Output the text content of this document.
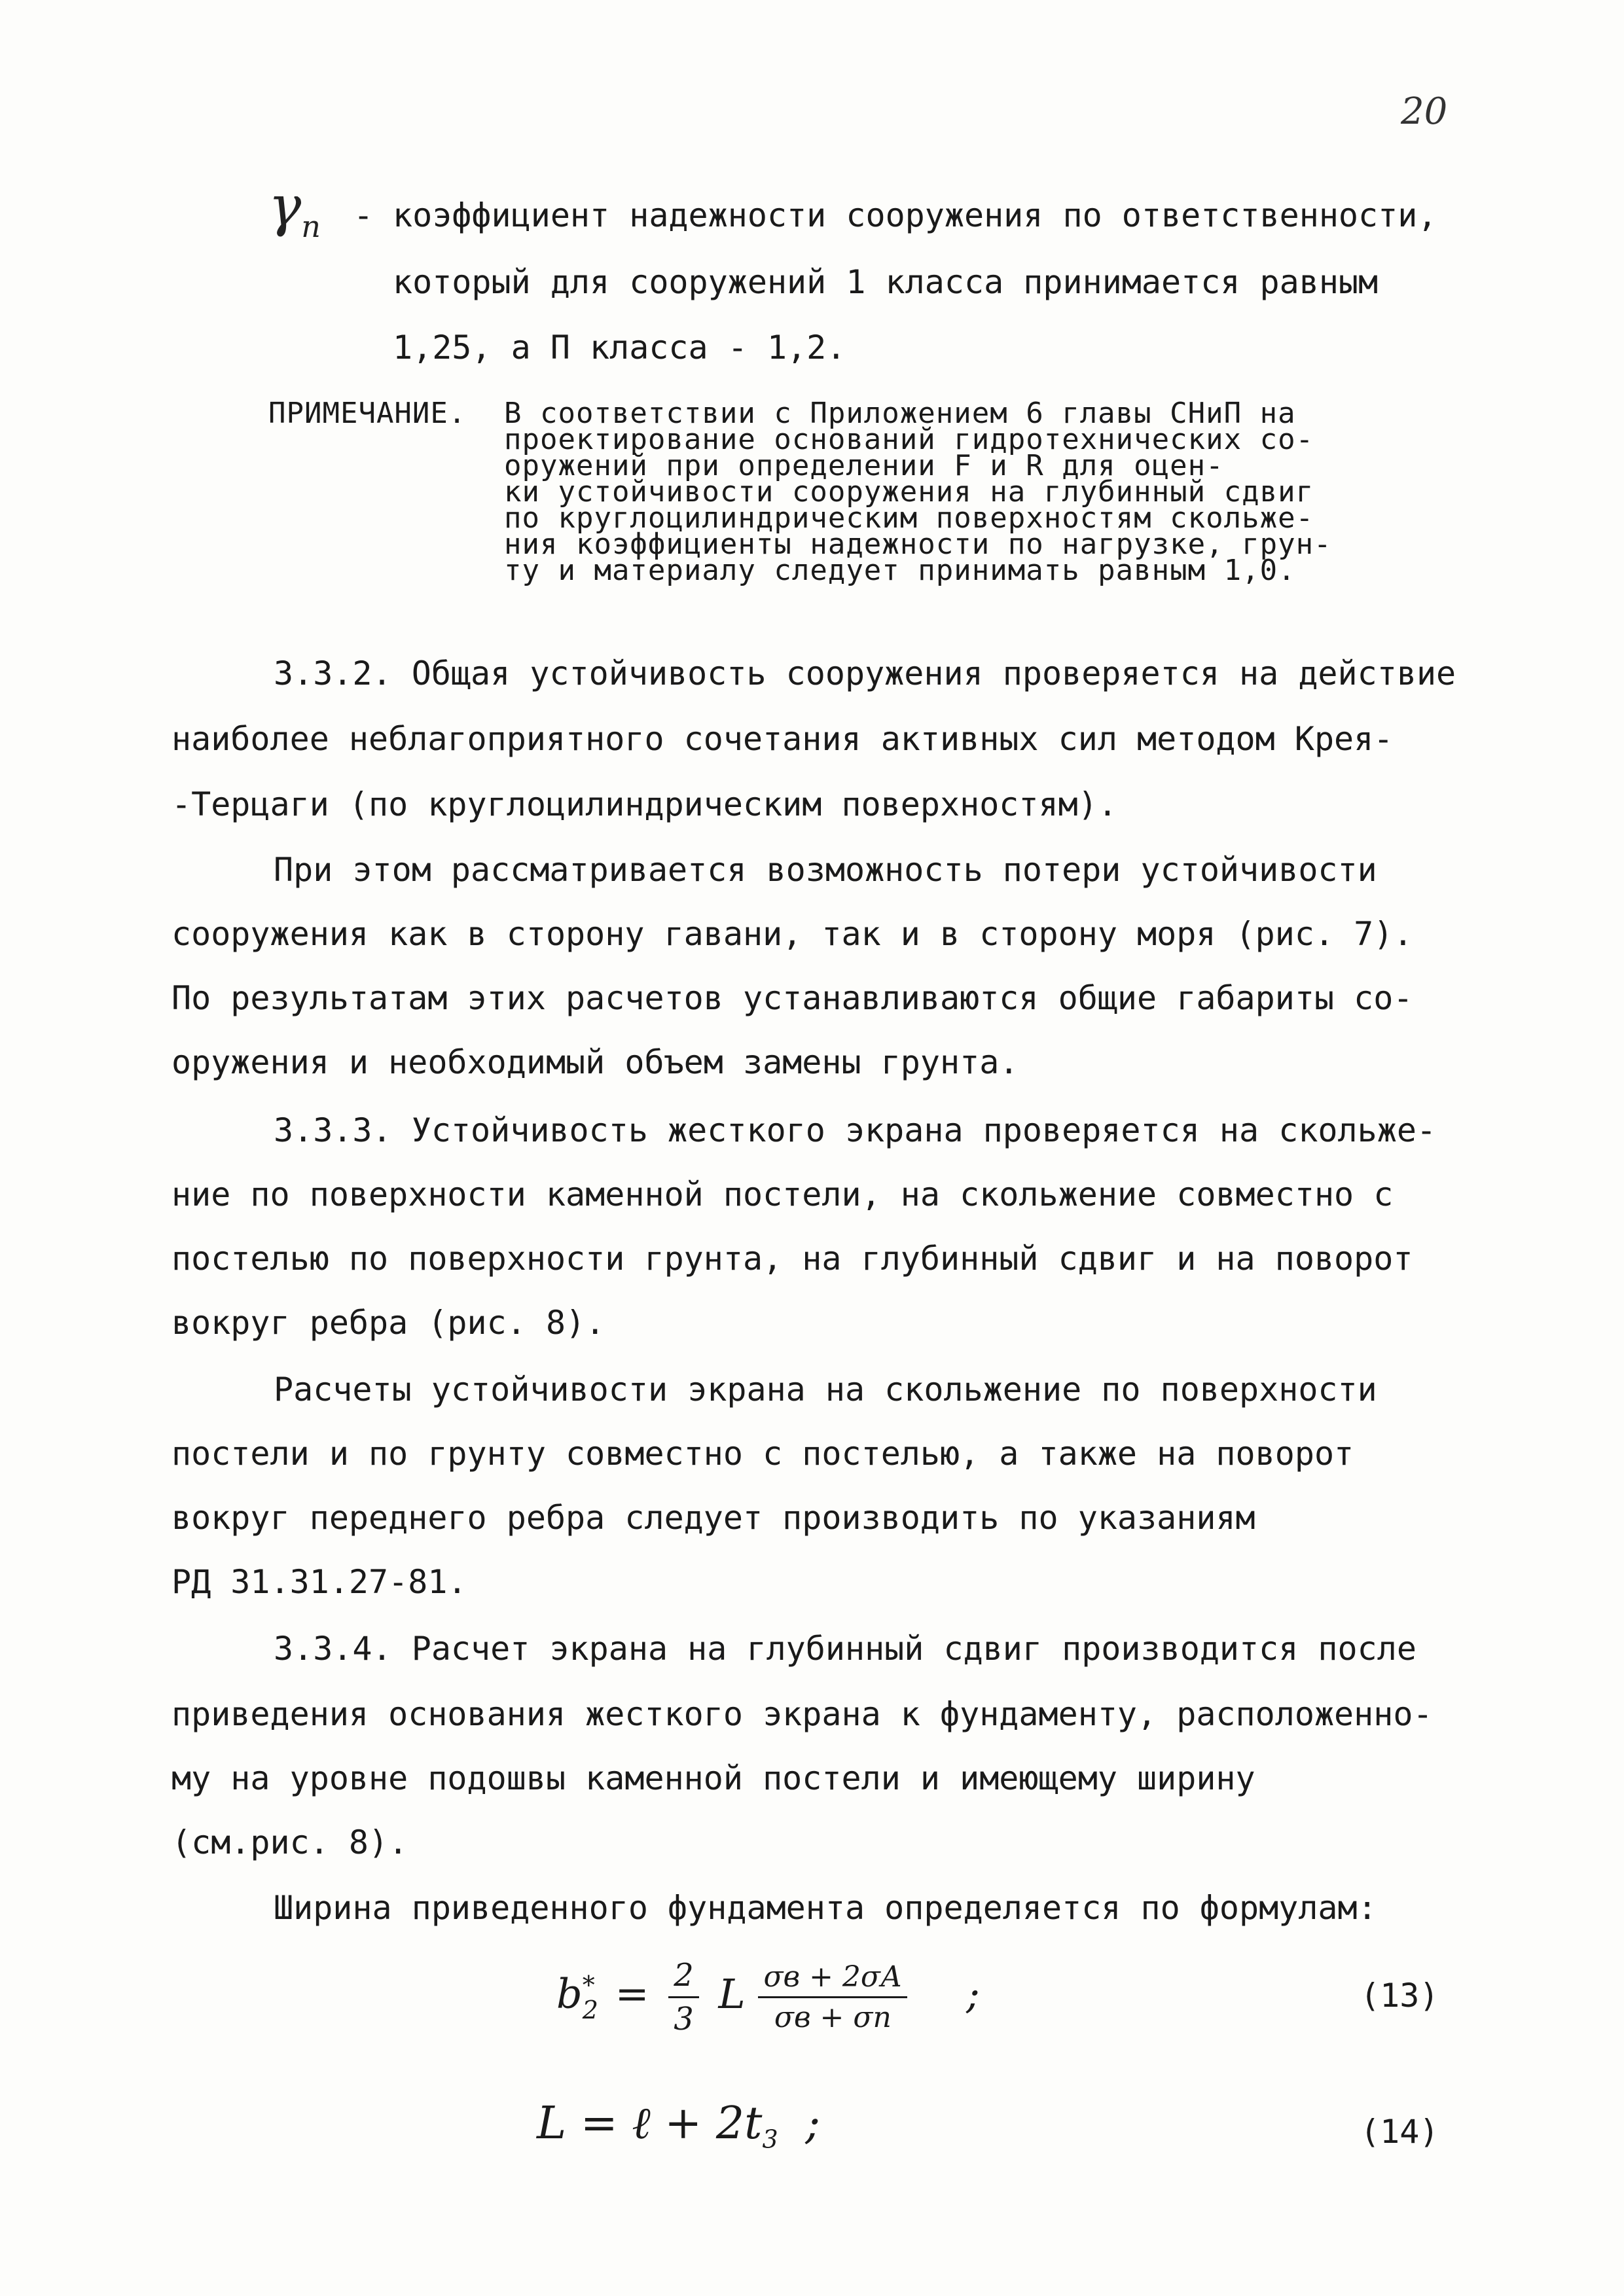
20
$\gamma_n$ - коэффициент надежности сооружения по ответственности,
который для сооружений 1 класса принимается равным
1,25, а П класса - 1,2.
ПРИМЕЧАНИЕ. В соответствии с Приложением 6 главы СНиП на
проектирование оснований гидротехнических со-
оружений при определении F и R для оцен-
ки устойчивости сооружения на глубинный сдвиг
по круглоцилиндрическим поверхностям скольже-
ния коэффициенты надежности по нагрузке, грун-
ту и материалу следует принимать равным 1,0.
3.3.2. Общая устойчивость сооружения проверяется на действие
наиболее неблагоприятного сочетания активных сил методом Крея-
-Терцаги (по круглоцилиндрическим поверхностям).
При этом рассматривается возможность потери устойчивости
сооружения как в сторону гавани, так и в сторону моря (рис. 7).
По результатам этих расчетов устанавливаются общие габариты со-
оружения и необходимый объем замены грунта.
3.3.3. Устойчивость жесткого экрана проверяется на скольже-
ние по поверхности каменной постели, на скольжение совместно с
постелью по поверхности грунта, на глубинный сдвиг и на поворот
вокруг ребра (рис. 8).
Расчеты устойчивости экрана на скольжение по поверхности
постели и по грунту совместно с постелью, а также на поворот
вокруг переднего ребра следует производить по указаниям
РД 31.31.27-81.
3.3.4. Расчет экрана на глубинный сдвиг производится после
приведения основания жесткого экрана к фундаменту, расположенно-
му на уровне подошвы каменной постели и имеющему ширину
(см.рис. 8).
Ширина приведенного фундамента определяется по формулам:
b *
$2 = \frac{2}{3}$ L $\frac{\sigma в + 2\sigma А}{\sigma в + \sigma п}$ ;	(13)
L = ℓ + $2t_3$ ;	(14)
